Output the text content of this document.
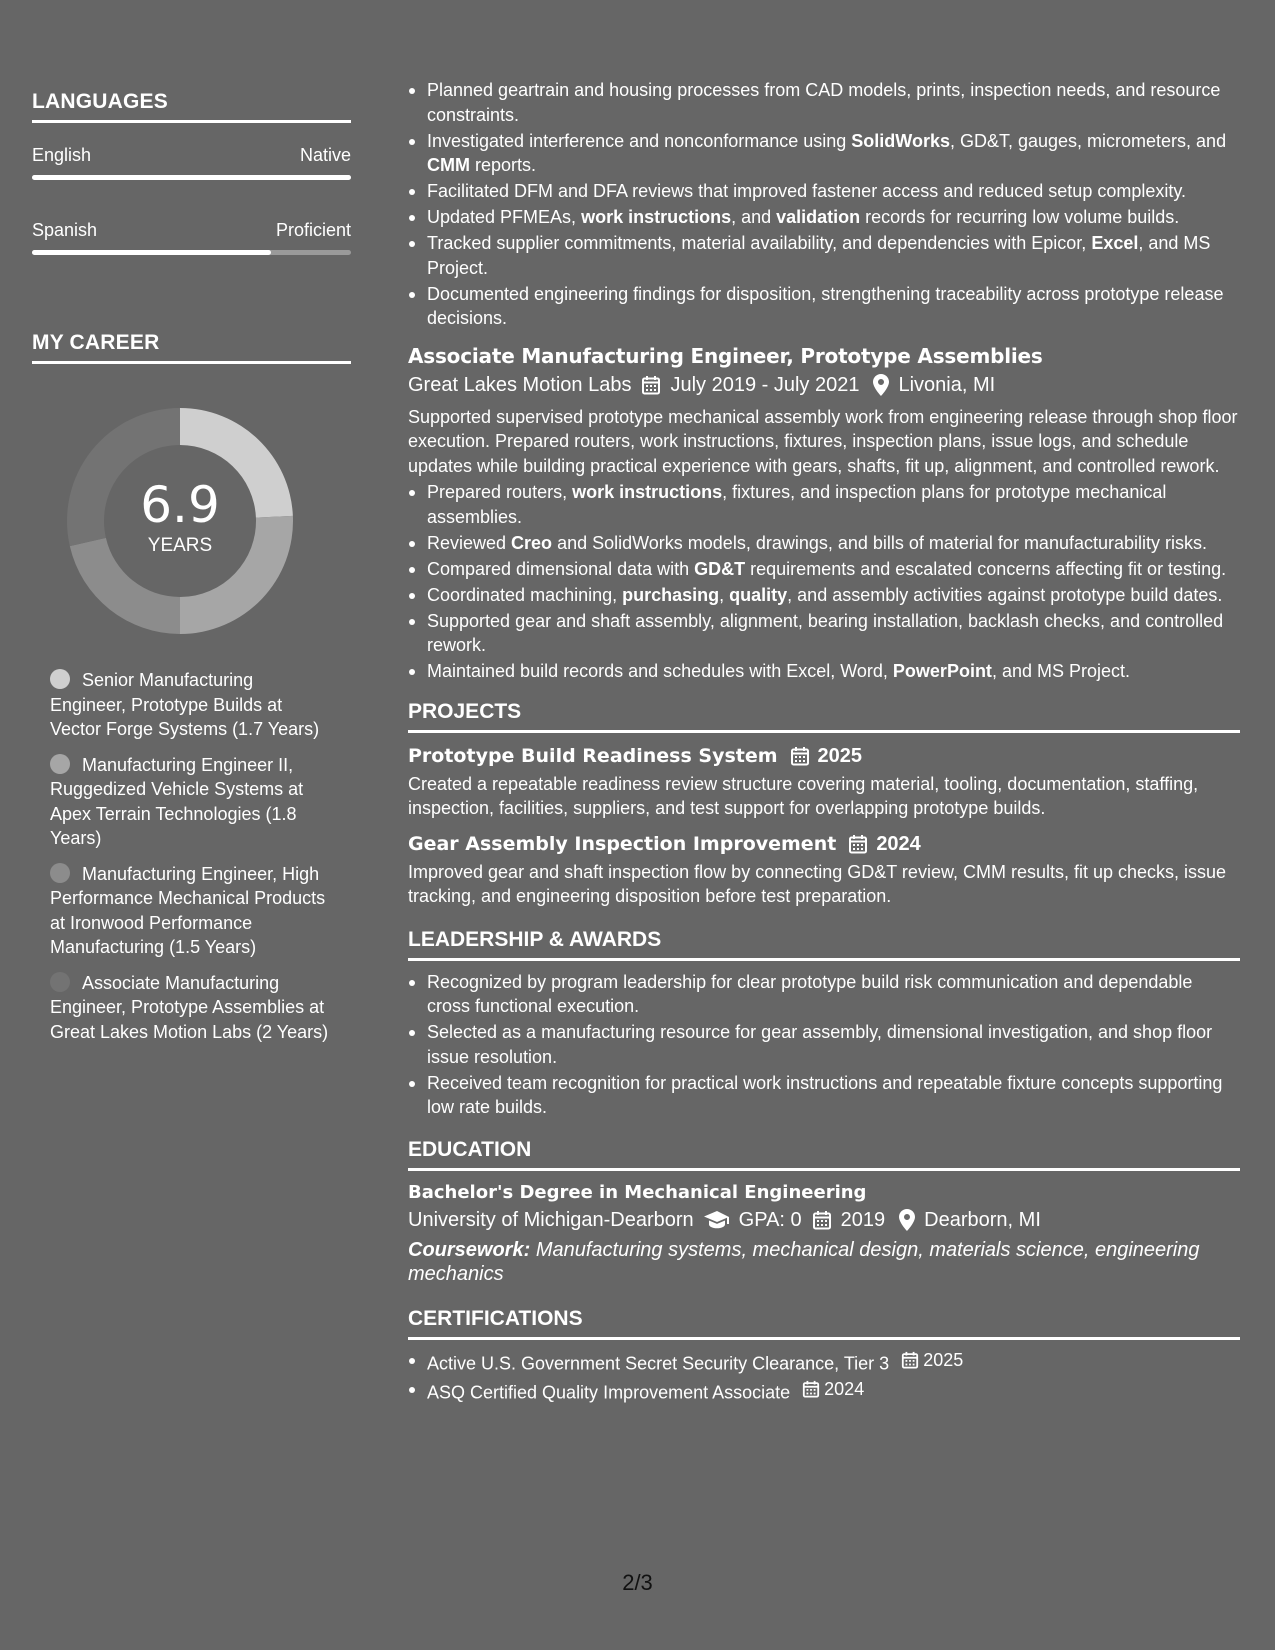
LANGUAGES
English	Native
Spanish	Proficient
MY CAREER
6.9
YEARS
Senior Manufacturing Engineer, Prototype Builds at Vector Forge Systems (1.7 Years)
Manufacturing Engineer II, Ruggedized Vehicle Systems at Apex Terrain Technologies (1.8 Years)
Manufacturing Engineer, High Performance Mechanical Products at Ironwood Performance Manufacturing (1.5 Years)
Associate Manufacturing Engineer, Prototype Assemblies at Great Lakes Motion Labs (2 Years)
Planned geartrain and housing processes from CAD models, prints, inspection needs, and resource constraints.
Investigated interference and nonconformance using SolidWorks, GD&T, gauges, micrometers, and CMM reports.
Facilitated DFM and DFA reviews that improved fastener access and reduced setup complexity.
Updated PFMEAs, work instructions, and validation records for recurring low volume builds.
Tracked supplier commitments, material availability, and dependencies with Epicor, Excel, and MS Project.
Documented engineering findings for disposition, strengthening traceability across prototype release decisions.
Associate Manufacturing Engineer, Prototype Assemblies
Great Lakes Motion Labs July 2019 - July 2021 Livonia, MI
Supported supervised prototype mechanical assembly work from engineering release through shop floor execution. Prepared routers, work instructions, fixtures, inspection plans, issue logs, and schedule updates while building practical experience with gears, shafts, fit up, alignment, and controlled rework.
Prepared routers, work instructions, fixtures, and inspection plans for prototype mechanical assemblies.
Reviewed Creo and SolidWorks models, drawings, and bills of material for manufacturability risks.
Compared dimensional data with GD&T requirements and escalated concerns affecting fit or testing.
Coordinated machining, purchasing, quality, and assembly activities against prototype build dates.
Supported gear and shaft assembly, alignment, bearing installation, backlash checks, and controlled rework.
Maintained build records and schedules with Excel, Word, PowerPoint, and MS Project.
PROJECTS
Prototype Build Readiness System 2025
Created a repeatable readiness review structure covering material, tooling, documentation, staffing, inspection, facilities, suppliers, and test support for overlapping prototype builds.
Gear Assembly Inspection Improvement 2024
Improved gear and shaft inspection flow by connecting GD&T review, CMM results, fit up checks, issue tracking, and engineering disposition before test preparation.
LEADERSHIP & AWARDS
Recognized by program leadership for clear prototype build risk communication and dependable cross functional execution.
Selected as a manufacturing resource for gear assembly, dimensional investigation, and shop floor issue resolution.
Received team recognition for practical work instructions and repeatable fixture concepts supporting low rate builds.
EDUCATION
Bachelor's Degree in Mechanical Engineering
University of Michigan-Dearborn GPA: 0 2019 Dearborn, MI
Coursework: Manufacturing systems, mechanical design, materials science, engineering mechanics
CERTIFICATIONS
Active U.S. Government Secret Security Clearance, Tier 3 2025
ASQ Certified Quality Improvement Associate 2024
2/3
